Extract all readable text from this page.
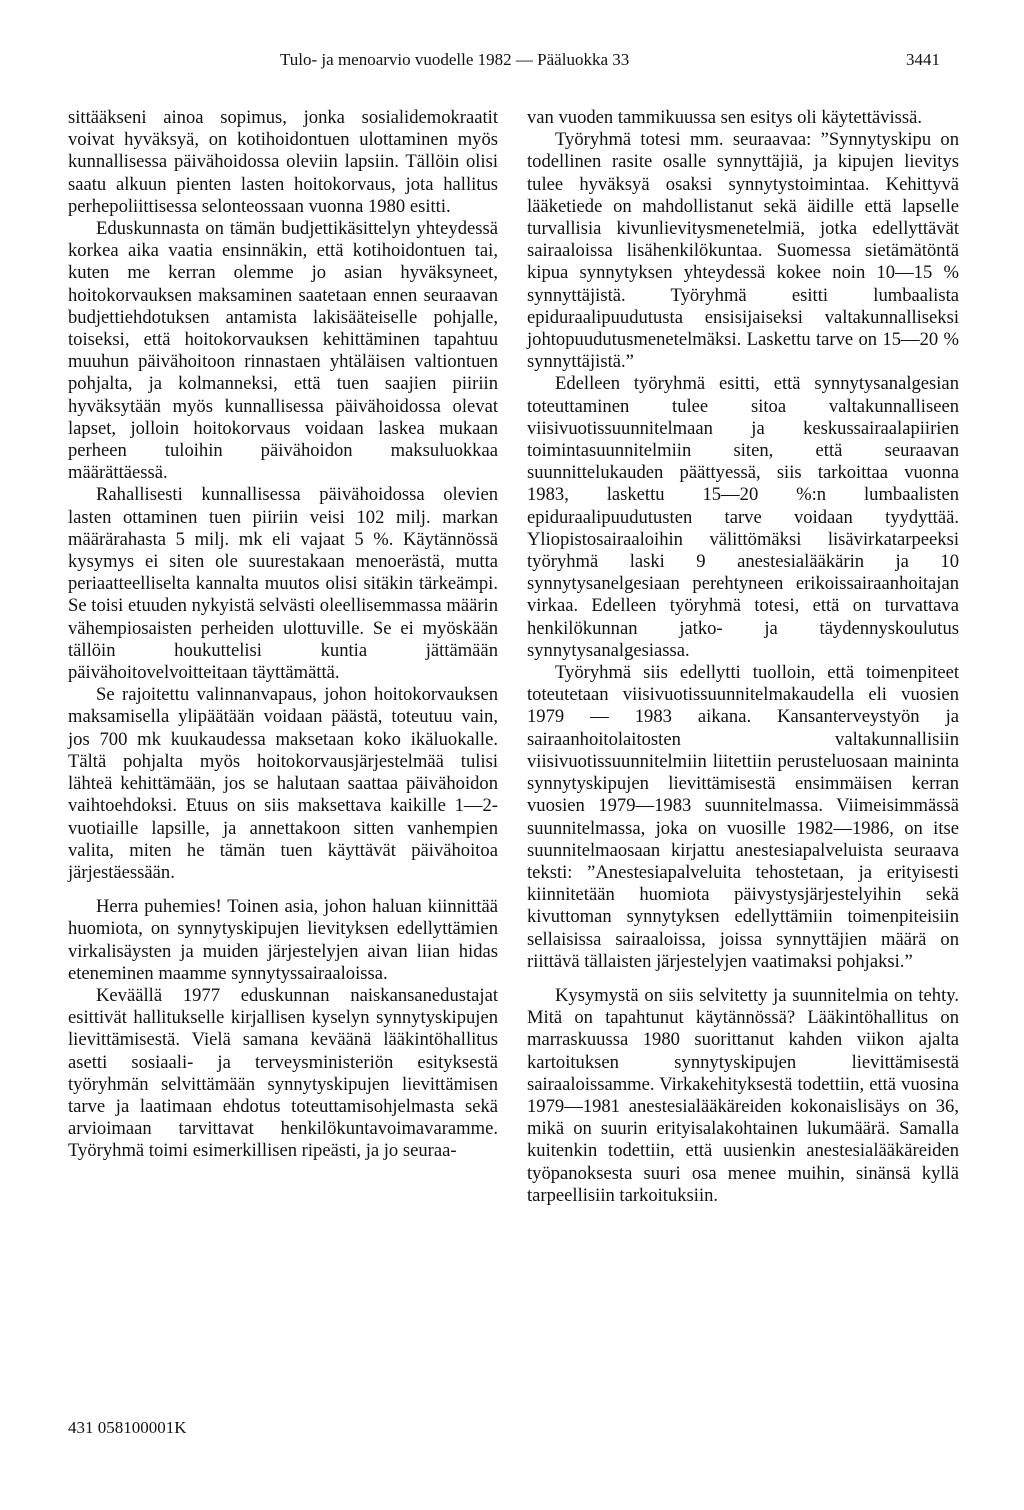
Tulo- ja menoarvio vuodelle 1982 — Pääluokka 33	3441

sittääkseni ainoa sopimus, jonka sosialidemokraatit voivat hyväksyä, on kotihoidontuen ulottaminen myös kunnallisessa päivähoidossa oleviin lapsiin. Tällöin olisi saatu alkuun pienten lasten hoitokorvaus, jota hallitus perhepoliittisessa selonteossaan vuonna 1980 esitti.

Eduskunnasta on tämän budjettikäsittelyn yhteydessä korkea aika vaatia ensinnäkin, että kotihoidontuen tai, kuten me kerran olemme jo asian hyväksyneet, hoitokorvauksen maksaminen saatetaan ennen seuraavan budjettiehdotuksen antamista lakisääteiselle pohjalle, toiseksi, että hoitokorvauksen kehittäminen tapahtuu muuhun päivähoitoon rinnastaen yhtäläisen valtiontuen pohjalta, ja kolmanneksi, että tuen saajien piiriin hyväksytään myös kunnallisessa päivähoidossa olevat lapset, jolloin hoitokorvaus voidaan laskea mukaan perheen tuloihin päivähoidon maksuluokkaa määrättäessä.

Rahallisesti kunnallisessa päivähoidossa olevien lasten ottaminen tuen piiriin veisi 102 milj. markan määrärahasta 5 milj. mk eli vajaat 5 %. Käytännössä kysymys ei siten ole suurestakaan menoerästä, mutta periaatteelliselta kannalta muutos olisi sitäkin tärkeämpi. Se toisi etuuden nykyistä selvästi oleellisemmassa määrin vähempiosaisten perheiden ulottuville. Se ei myöskään tällöin houkuttelisi kuntia jättämään päivähoitovelvoitteitaan täyttämättä.

Se rajoitettu valinnanvapaus, johon hoitokorvauksen maksamisella ylipäätään voidaan päästä, toteutuu vain, jos 700 mk kuukaudessa maksetaan koko ikäluokalle. Tältä pohjalta myös hoitokorvausjärjestelmää tulisi lähteä kehittämään, jos se halutaan saattaa päivähoidon vaihtoehdoksi. Etuus on siis maksettava kaikille 1—2-vuotiaille lapsille, ja annettakoon sitten vanhempien valita, miten he tämän tuen käyttävät päivähoitoa järjestäessään.

Herra puhemies! Toinen asia, johon haluan kiinnittää huomiota, on synnytyskipujen lievityksen edellyttämien virkalisäysten ja muiden järjestelyjen aivan liian hidas eteneminen maamme synnytyssairaaloissa.

Keväällä 1977 eduskunnan naiskansanedustajat esittivät hallitukselle kirjallisen kyselyn synnytyskipujen lievittämisestä. Vielä samana keväänä lääkintöhallitus asetti sosiaali- ja terveysministeriön esityksestä työryhmän selvittämään synnytyskipujen lievittämisen tarve ja laatimaan ehdotus toteuttamisohjelmasta sekä arvioimaan tarvittavat henkilökuntavoimavaramme. Työryhmä toimi esimerkillisen ripeästi, ja jo seuraa-

van vuoden tammikuussa sen esitys oli käytettävissä.

Työryhmä totesi mm. seuraavaa: ”Synnytyskipu on todellinen rasite osalle synnyttäjiä, ja kipujen lievitys tulee hyväksyä osaksi synnytystoimintaa. Kehittyvä lääketiede on mahdollistanut sekä äidille että lapselle turvallisia kivunlievitysmenetelmiä, jotka edellyttävät sairaaloissa lisähenkilökuntaa. Suomessa sietämätöntä kipua synnytyksen yhteydessä kokee noin 10—15 % synnyttäjistä. Työryhmä esitti lumbaalista epiduraalipuudutusta ensisijaiseksi valtakunnalliseksi johtopuudutusmenetelmäksi. Laskettu tarve on 15—20 % synnyttäjistä.”

Edelleen työryhmä esitti, että synnytysanalgesian toteuttaminen tulee sitoa valtakunnalliseen viisivuotissuunnitelmaan ja keskussairaalapiirien toimintasuunnitelmiin siten, että seuraavan suunnittelukauden päättyessä, siis tarkoittaa vuonna 1983, laskettu 15—20 %:n lumbaalisten epiduraalipuudutusten tarve voidaan tyydyttää. Yliopistosairaaloihin välittömäksi lisävirkatarpeeksi työryhmä laski 9 anestesialääkärin ja 10 synnytysanelgesiaan perehtyneen erikoissairaanhoitajan virkaa. Edelleen työryhmä totesi, että on turvattava henkilökunnan jatko- ja täydennyskoulutus synnytysanalgesiassa.

Työryhmä siis edellytti tuolloin, että toimenpiteet toteutetaan viisivuotissuunnitelmakaudella eli vuosien 1979 — 1983 aikana. Kansanterveystyön ja sairaanhoitolaitosten valtakunnallisiin viisivuotissuunnitelmiin liitettiin perusteluosaan maininta synnytyskipujen lievittämisestä ensimmäisen kerran vuosien 1979—1983 suunnitelmassa. Viimeisimmässä suunnitelmassa, joka on vuosille 1982—1986, on itse suunnitelmaosaan kirjattu anestesiapalveluista seuraava teksti: ”Anestesiapalveluita tehostetaan, ja erityisesti kiinnitetään huomiota päivystysjärjestelyihin sekä kivuttoman synnytyksen edellyttämiin toimenpiteisiin sellaisissa sairaaloissa, joissa synnyttäjien määrä on riittävä tällaisten järjestelyjen vaatimaksi pohjaksi.”

Kysymystä on siis selvitetty ja suunnitelmia on tehty. Mitä on tapahtunut käytännössä? Lääkintöhallitus on marraskuussa 1980 suorittanut kahden viikon ajalta kartoituksen synnytyskipujen lievittämisestä sairaaloissamme. Virkakehityksestä todettiin, että vuosina 1979—1981 anestesialääkäreiden kokonaislisäys on 36, mikä on suurin erityisalakohtainen lukumäärä. Samalla kuitenkin todettiin, että uusienkin anestesialääkäreiden työpanoksesta suuri osa menee muihin, sinänsä kyllä tarpeellisiin tarkoituksiin.

431 058100001K
